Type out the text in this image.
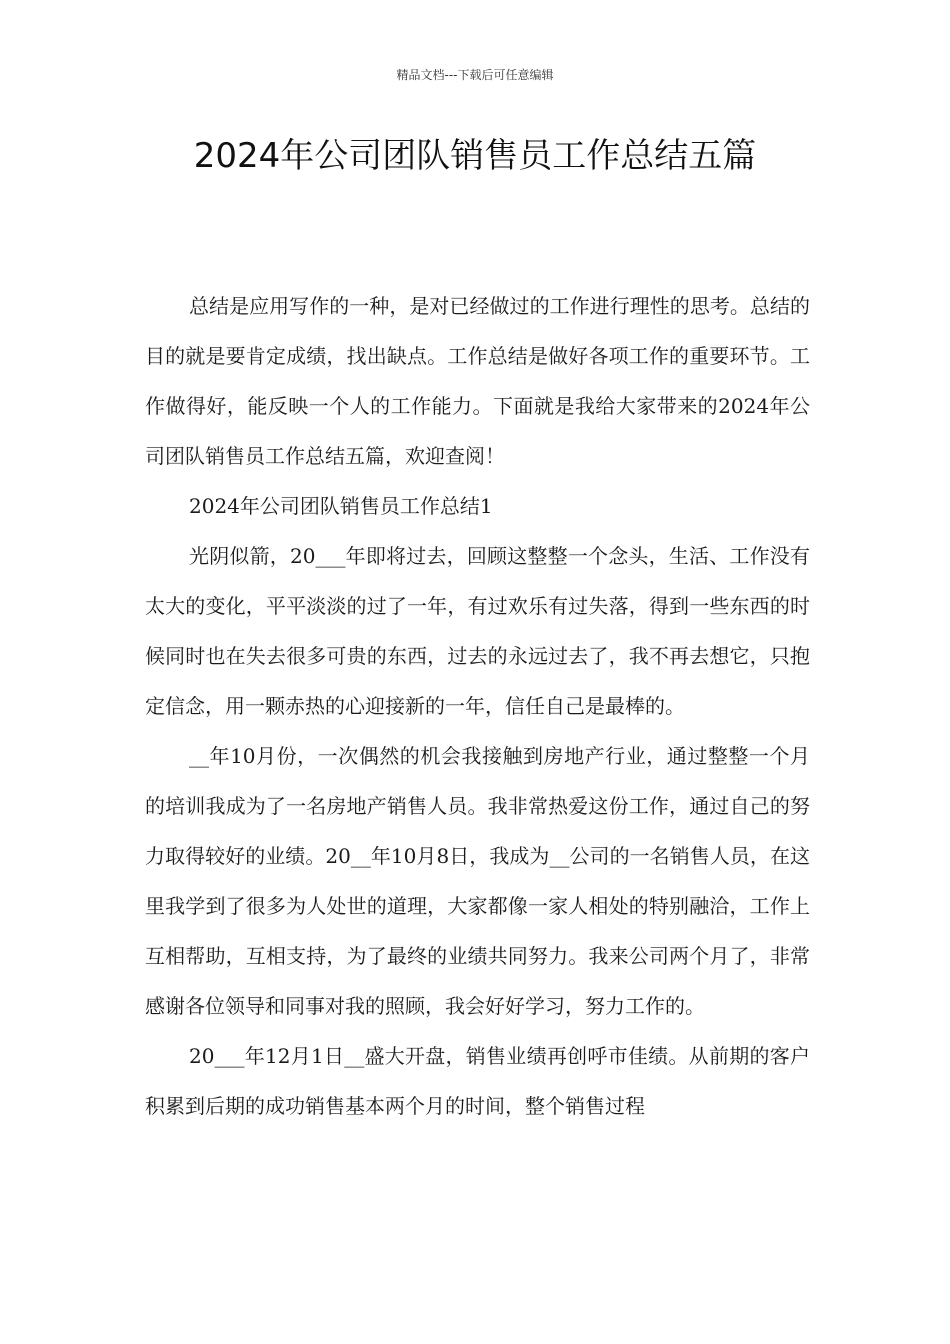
精品文档---下载后可任意编辑
2024年公司团队销售员工作总结五篇

总结是应用写作的一种，是对已经做过的工作进行理性的思考。总结的目的就是要肯定成绩，找出缺点。工作总结是做好各项工作的重要环节。工作做得好，能反映一个人的工作能力。下面就是我给大家带来的2024年公司团队销售员工作总结五篇，欢迎查阅！

2024年公司团队销售员工作总结1

光阴似箭，20___年即将过去，回顾这整整一个念头，生活、工作没有太大的变化，平平淡淡的过了一年，有过欢乐有过失落，得到一些东西的时候同时也在失去很多可贵的东西，过去的永远过去了，我不再去想它，只抱定信念，用一颗赤热的心迎接新的一年，信任自己是最棒的。

__年10月份，一次偶然的机会我接触到房地产行业，通过整整一个月的培训我成为了一名房地产销售人员。我非常热爱这份工作，通过自己的努力取得较好的业绩。20__年10月8日，我成为__公司的一名销售人员，在这里我学到了很多为人处世的道理，大家都像一家人相处的特别融洽，工作上互相帮助，互相支持，为了最终的业绩共同努力。我来公司两个月了，非常感谢各位领导和同事对我的照顾，我会好好学习，努力工作的。

20___年12月1日__盛大开盘，销售业绩再创呼市佳绩。从前期的客户积累到后期的成功销售基本两个月的时间，整个销售过程
